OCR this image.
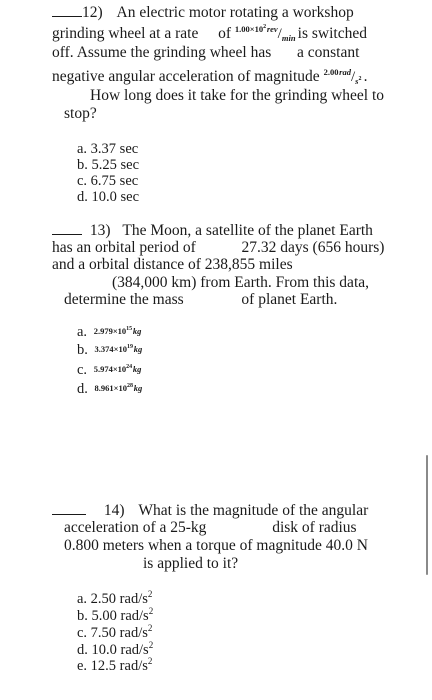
12) An electric motor rotating a workshop
grinding wheel at a rate of $1.00\times 10^2$ rev/min is switched
off. Assume the grinding wheel has a constant
negative angular acceleration of magnitude 2.00 rad/$s^2$ .
How long does it take for the grinding wheel to
stop?
a. 3.37 sec
b. 5.25 sec
c. 6.75 sec
d. 10.0 sec
13) The Moon, a satellite of the planet Earth
has an orbital period of	27.32 days (656 hours)
and a orbital distance of 238,855 miles
(384,000 km) from Earth. From this data,
determine the mass	of planet Earth.
a. $2.979\times 10^{15}$ kg
b. $3.374\times 10^{19}$ kg
c. $5.974\times 10^{24}$ kg
d. $8.961\times 10^{28}$ kg
14) What is the magnitude of the angular
acceleration of a 25-kg	disk of radius
0.800 meters when a torque of magnitude 40.0 N
is applied to it?
a. 2.50 rad/$s^2$
b. 5.00 rad/$s^2$
c. 7.50 rad/$s^2$
d. 10.0 rad/$s^2$
e. 12.5 rad/$s^2$
